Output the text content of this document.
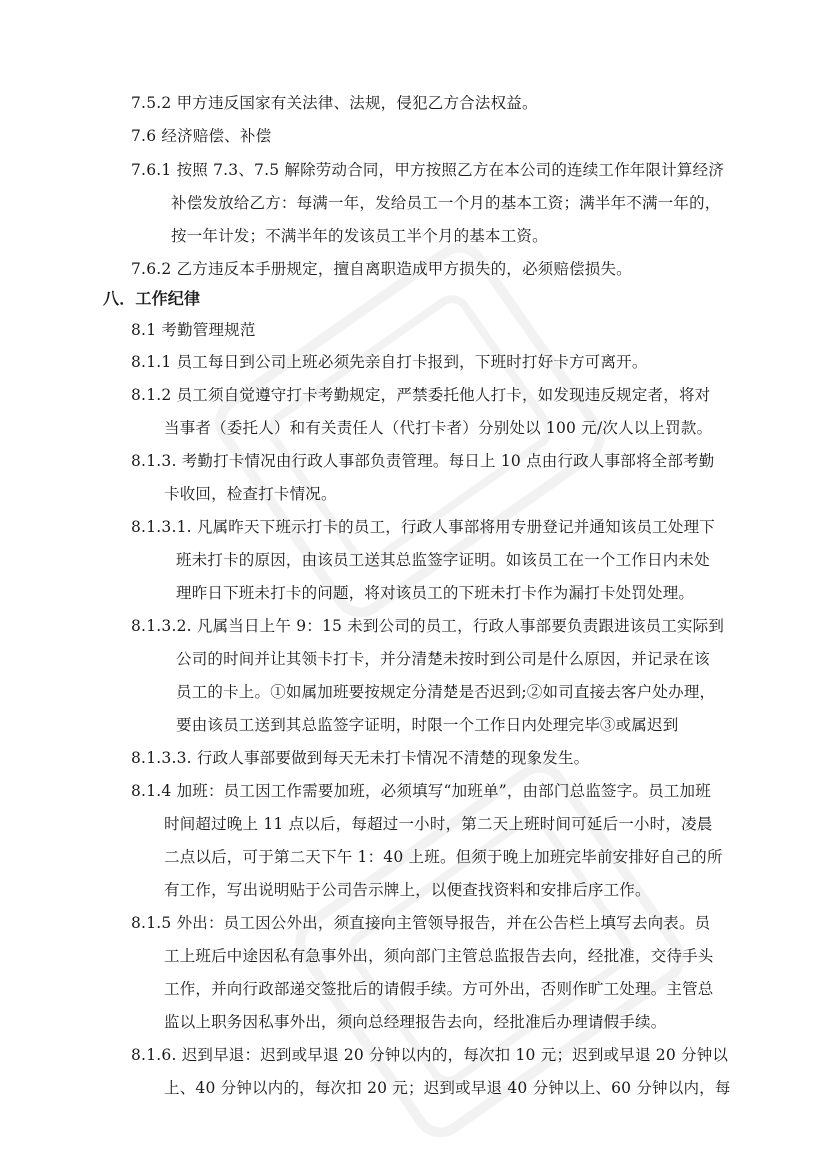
7.5.2 甲方违反国家有关法律、法规，侵犯乙方合法权益。
7.6 经济赔偿、补偿
7.6.1 按照 7.3、7.5 解除劳动合同，甲方按照乙方在本公司的连续工作年限计算经济
补偿发放给乙方：每满一年，发给员工一个月的基本工资；满半年不满一年的，
按一年计发；不满半年的发该员工半个月的基本工资。
7.6.2 乙方违反本手册规定，擅自离职造成甲方损失的，必须赔偿损失。
八．工作纪律
8.1 考勤管理规范
8.1.1 员工每日到公司上班必须先亲自打卡报到，下班时打好卡方可离开。
8.1.2 员工须自觉遵守打卡考勤规定，严禁委托他人打卡，如发现违反规定者，将对
当事者（委托人）和有关责任人（代打卡者）分别处以 100 元/次人以上罚款。
8.1.3. 考勤打卡情况由行政人事部负责管理。每日上 10 点由行政人事部将全部考勤
卡收回，检查打卡情况。
8.1.3.1. 凡属昨天下班示打卡的员工，行政人事部将用专册登记并通知该员工处理下
班未打卡的原因，由该员工送其总监签字证明。如该员工在一个工作日内未处
理昨日下班未打卡的问题，将对该员工的下班未打卡作为漏打卡处罚处理。
8.1.3.2. 凡属当日上午 9：15 未到公司的员工，行政人事部要负责跟进该员工实际到
公司的时间并让其领卡打卡，并分清楚未按时到公司是什么原因，并记录在该
员工的卡上。①如属加班要按规定分清楚是否迟到;②如司直接去客户处办理，
要由该员工送到其总监签字证明，时限一个工作日内处理完毕③或属迟到
8.1.3.3. 行政人事部要做到每天无未打卡情况不清楚的现象发生。
8.1.4 加班：员工因工作需要加班，必须填写“加班单”，由部门总监签字。员工加班
时间超过晚上 11 点以后，每超过一小时，第二天上班时间可延后一小时，凌晨
二点以后，可于第二天下午 1：40 上班。但须于晚上加班完毕前安排好自己的所
有工作，写出说明贴于公司告示牌上，以便查找资料和安排后序工作。
8.1.5 外出：员工因公外出，须直接向主管领导报告，并在公告栏上填写去向表。员
工上班后中途因私有急事外出，须向部门主管总监报告去向，经批准，交待手头
工作，并向行政部递交签批后的请假手续。方可外出，否则作旷工处理。主管总
监以上职务因私事外出，须向总经理报告去向，经批准后办理请假手续。
8.1.6. 迟到早退：迟到或早退 20 分钟以内的，每次扣 10 元；迟到或早退 20 分钟以
上、40 分钟以内的，每次扣 20 元；迟到或早退 40 分钟以上、60 分钟以内，每
